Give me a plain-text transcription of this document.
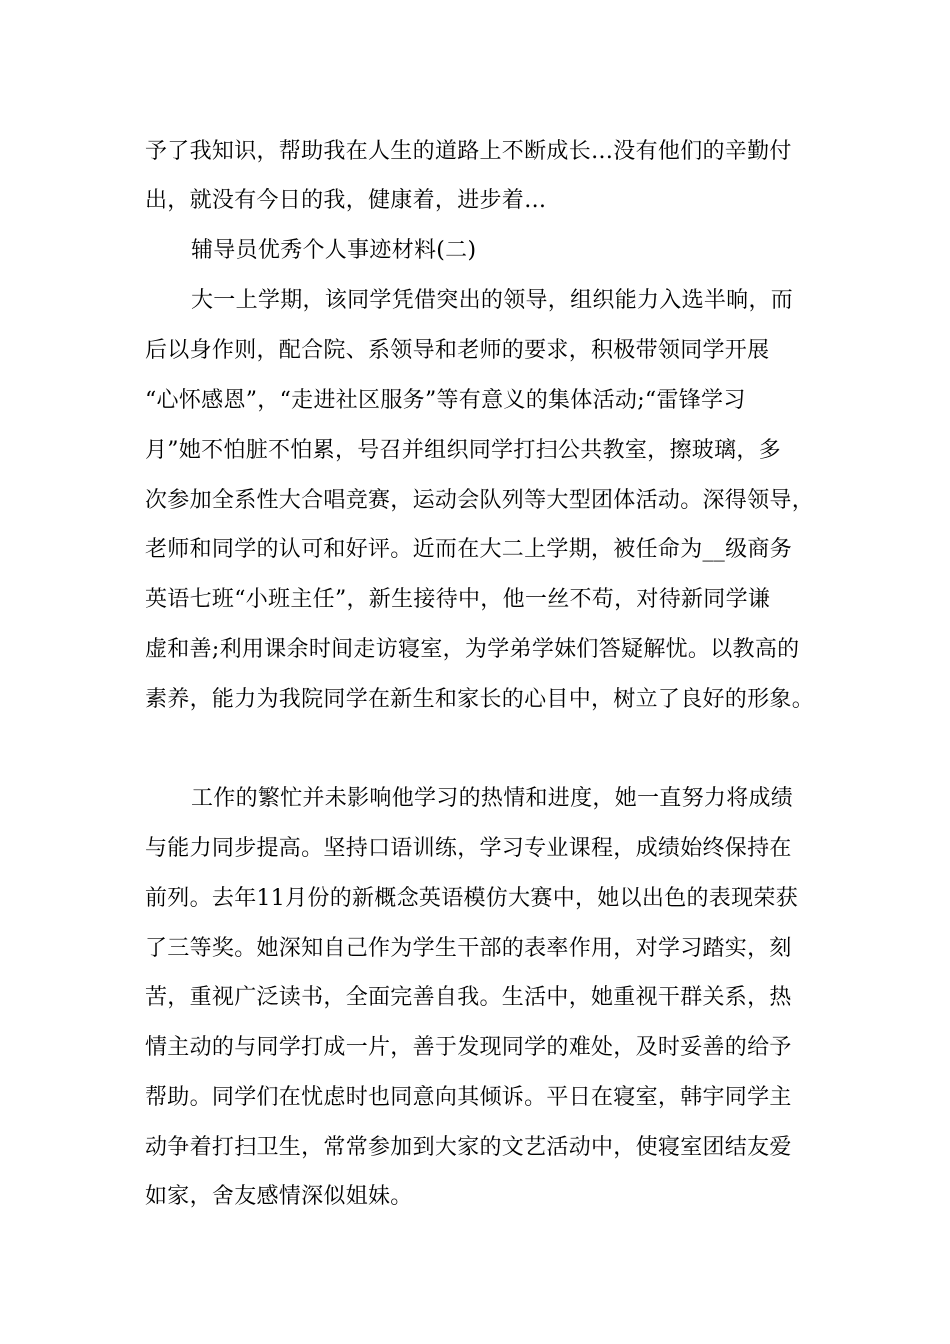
予了我知识，帮助我在人生的道路上不断成长…没有他们的辛勤付

出，就没有今日的我，健康着，进步着…

辅导员优秀个人事迹材料(二)

大一上学期，该同学凭借突出的领导，组织能力入选半晌，而

后以身作则，配合院、系领导和老师的要求，积极带领同学开展

“心怀感恩”，“走进社区服务”等有意义的集体活动;“雷锋学习

月”她不怕脏不怕累，号召并组织同学打扫公共教室，擦玻璃，多

次参加全系性大合唱竞赛，运动会队列等大型团体活动。深得领导，

老师和同学的认可和好评。近而在大二上学期，被任命为__级商务

英语七班“小班主任”，新生接待中，他一丝不苟，对待新同学谦

虚和善;利用课余时间走访寝室，为学弟学妹们答疑解忧。以教高的

素养，能力为我院同学在新生和家长的心目中，树立了良好的形象。

工作的繁忙并未影响他学习的热情和进度，她一直努力将成绩

与能力同步提高。坚持口语训练，学习专业课程，成绩始终保持在

前列。去年11月份的新概念英语模仿大赛中，她以出色的表现荣获

了三等奖。她深知自己作为学生干部的表率作用，对学习踏实，刻

苦，重视广泛读书，全面完善自我。生活中，她重视干群关系，热

情主动的与同学打成一片，善于发现同学的难处，及时妥善的给予

帮助。同学们在忧虑时也同意向其倾诉。平日在寝室，韩宇同学主

动争着打扫卫生，常常参加到大家的文艺活动中，使寝室团结友爱

如家，舍友感情深似姐妹。
